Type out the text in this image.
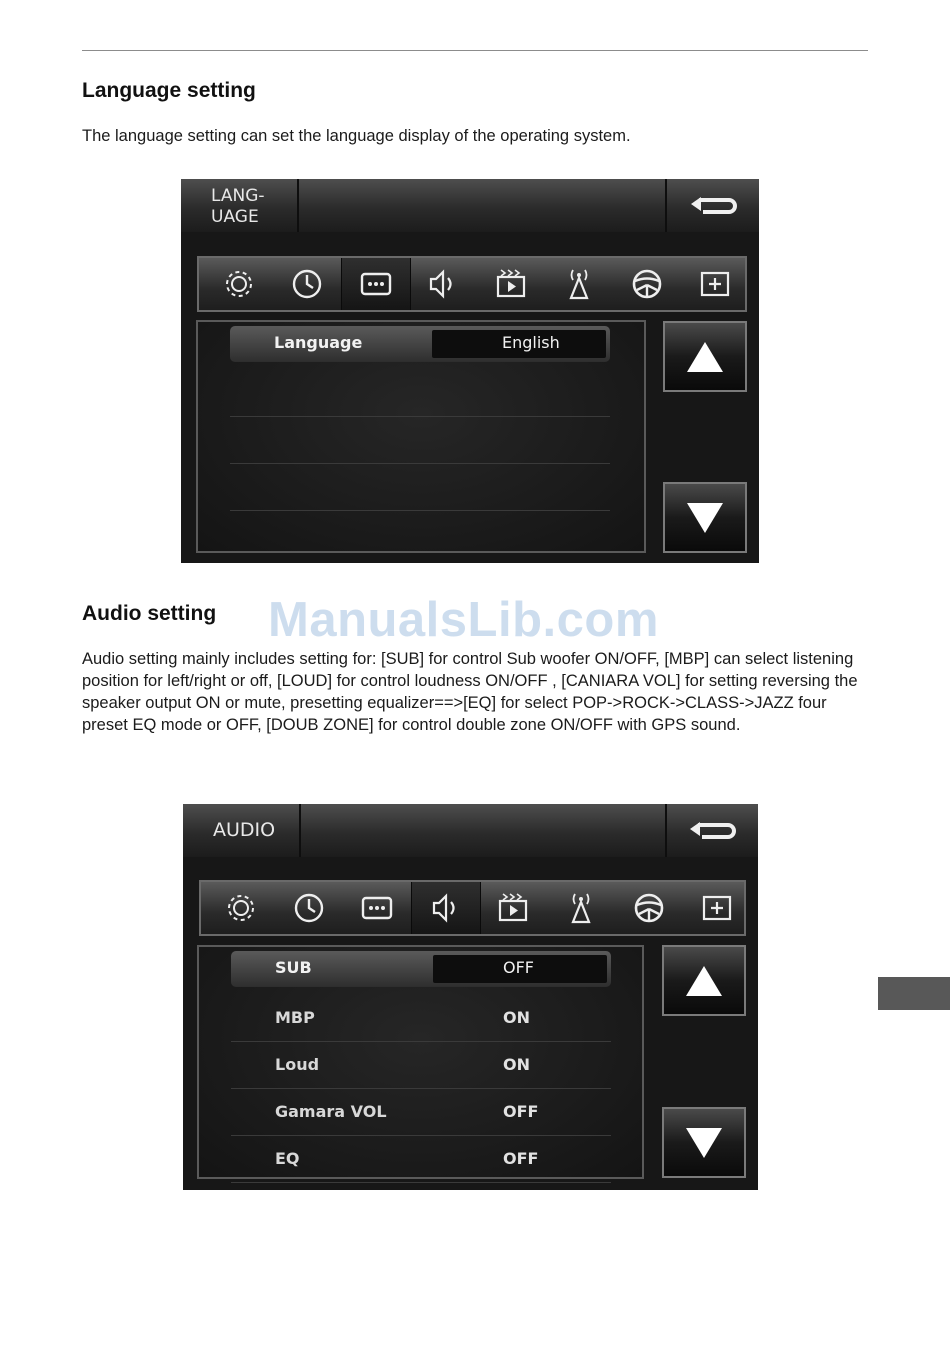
Language setting

The language setting can set the language display of the operating system.

LANG-
UAGE
Language	English
Audio setting ManualsLib.com

Audio setting mainly includes setting for: [SUB] for control Sub woofer ON/OFF, [MBP] can select listening position for left/right or off, [LOUD] for control loudness ON/OFF , [CANIARA VOL] for setting reversing the speaker output ON or mute, presetting equalizer==>[EQ] for select POP->ROCK->CLASS->JAZZ four preset EQ mode or OFF, [DOUB ZONE] for control double zone ON/OFF with GPS sound.

AUDIO
SUB	OFF
MBP	ON
Loud	ON
Gamara VOL	OFF
EQ	OFF
